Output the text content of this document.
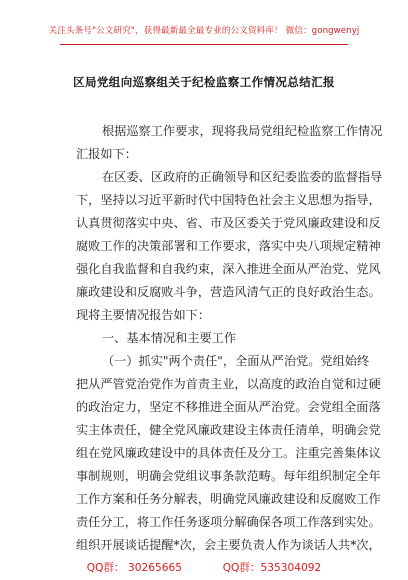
关注头条号"公文研究"，获得最新最全最专业的公文资料库！ 微信：gongwenyj
区局党组向巡察组关于纪检监察工作情况总结汇报
根据巡察工作要求，现将我局党组纪检监察工作情况
汇报如下：
在区委、区政府的正确领导和区纪委监委的监督指导
下，坚持以习近平新时代中国特色社会主义思想为指导，
认真贯彻落实中央、省、市及区委关于党风廉政建设和反
腐败工作的决策部署和工作要求，落实中央八项规定精神
强化自我监督和自我约束，深入推进全面从严治党、党风
廉政建设和反腐败斗争，营造风清气正的良好政治生态。
现将主要情况报告如下：
一、基本情况和主要工作
（一）抓实"两个责任"，全面从严治党。党组始终
把从严管党治党作为首责主业，以高度的政治自觉和过硬
的政治定力，坚定不移推进全面从严治党。会党组全面落
实主体责任，健全党风廉政建设主体责任清单，明确会党
组在党风廉政建设中的具体责任及分工。注重完善集体议
事制规则，明确会党组议事条款范畴。每年组织制定全年
工作方案和任务分解表，明确党风廉政建设和反腐败工作
责任分工，将工作任务逐项分解确保各项工作落到实处。
组织开展谈话提醒*次，会主要负责人作为谈话人共*次，
QQ群： 30265665	QQ群：535304092
